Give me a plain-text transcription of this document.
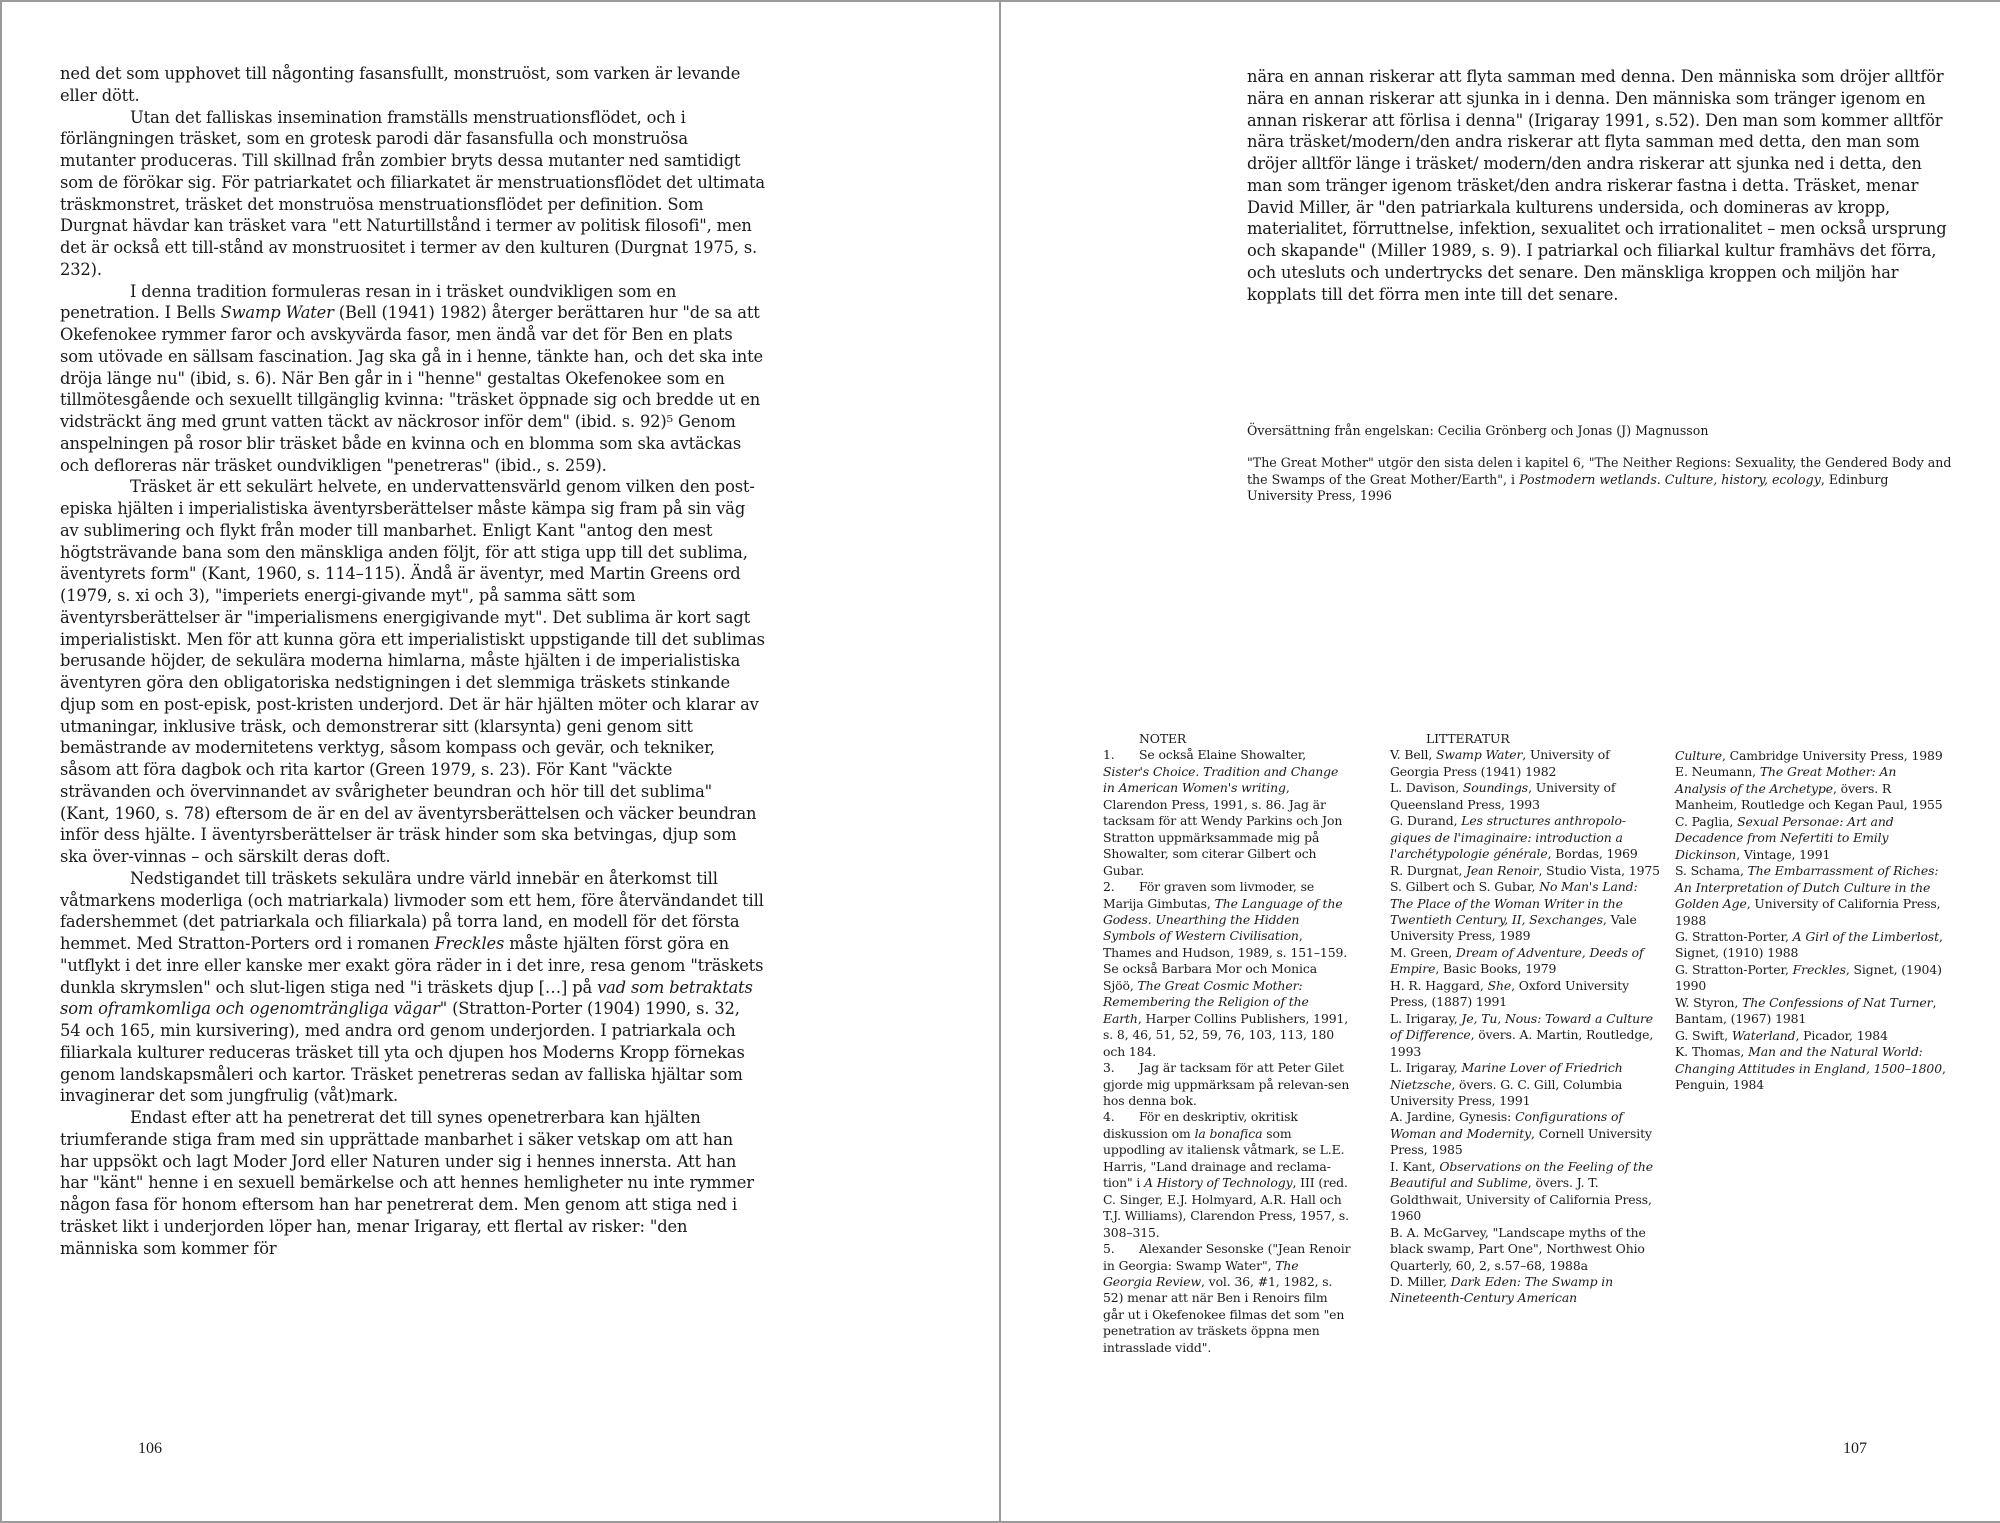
ned det som upphovet till någonting fasansfullt, monstruöst, som varken är levande eller dött.

Utan det falliskas insemination framställs menstruationsflödet, och i förlängningen träsket, som en grotesk parodi där fasansfulla och monstruösa mutanter produceras. Till skillnad från zombier bryts dessa mutanter ned samtidigt som de förökar sig. För patriarkatet och filiarkatet är menstruationsflödet det ultimata träskmonstret, träsket det monstruösa menstruationsflödet per definition. Som Durgnat hävdar kan träsket vara "ett Naturtillstånd i termer av politisk filosofi", men det är också ett till-stånd av monstruositet i termer av den kulturen (Durgnat 1975, s. 232).

I denna tradition formuleras resan in i träsket oundvikligen som en penetration. I Bells Swamp Water (Bell (1941) 1982) återger berättaren hur "de sa att Okefenokee rymmer faror och avskyvärda fasor, men ändå var det för Ben en plats som utövade en sällsam fascination. Jag ska gå in i henne, tänkte han, och det ska inte dröja länge nu" (ibid, s. 6). När Ben går in i "henne" gestaltas Okefenokee som en tillmötesgående och sexuellt tillgänglig kvinna: "träsket öppnade sig och bredde ut en vidsträckt äng med grunt vatten täckt av näckrosor inför dem" (ibid. s. 92)⁵ Genom anspelningen på rosor blir träsket både en kvinna och en blomma som ska avtäckas och defloreras när träsket oundvikligen "penetreras" (ibid., s. 259).

Träsket är ett sekulärt helvete, en undervattensvärld genom vilken den post-episka hjälten i imperialistiska äventyrsberättelser måste kämpa sig fram på sin väg av sublimering och flykt från moder till manbarhet. Enligt Kant "antog den mest högtsträvande bana som den mänskliga anden följt, för att stiga upp till det sublima, äventyrets form" (Kant, 1960, s. 114–115). Ändå är äventyr, med Martin Greens ord (1979, s. xi och 3), "imperiets energi-givande myt", på samma sätt som äventyrsberättelser är "imperialismens energigivande myt". Det sublima är kort sagt imperialistiskt. Men för att kunna göra ett imperialistiskt uppstigande till det sublimas berusande höjder, de sekulära moderna himlarna, måste hjälten i de imperialistiska äventyren göra den obligatoriska nedstigningen i det slemmiga träskets stinkande djup som en post-episk, post-kristen underjord. Det är här hjälten möter och klarar av utmaningar, inklusive träsk, och demonstrerar sitt (klarsynta) geni genom sitt bemästrande av modernitetens verktyg, såsom kompass och gevär, och tekniker, såsom att föra dagbok och rita kartor (Green 1979, s. 23). För Kant "väckte strävanden och övervinnandet av svårigheter beundran och hör till det sublima" (Kant, 1960, s. 78) eftersom de är en del av äventyrsberättelsen och väcker beundran inför dess hjälte. I äventyrsberättelser är träsk hinder som ska betvingas, djup som ska över-vinnas – och särskilt deras doft.

Nedstigandet till träskets sekulära undre värld innebär en återkomst till våtmarkens moderliga (och matriarkala) livmoder som ett hem, före återvändandet till fadershemmet (det patriarkala och filiarkala) på torra land, en modell för det första hemmet. Med Stratton-Porters ord i romanen Freckles måste hjälten först göra en "utflykt i det inre eller kanske mer exakt göra räder in i det inre, resa genom "träskets dunkla skrymslen" och slut-ligen stiga ned "i träskets djup […] på vad som betraktats som oframkomliga och ogenomträngliga vägar" (Stratton-Porter (1904) 1990, s. 32, 54 och 165, min kursivering), med andra ord genom underjorden. I patriarkala och filiarkala kulturer reduceras träsket till yta och djupen hos Moderns Kropp förnekas genom landskapsmåleri och kartor. Träsket penetreras sedan av falliska hjältar som invaginerar det som jungfrulig (våt)mark.

Endast efter att ha penetrerat det till synes openetrerbara kan hjälten triumferande stiga fram med sin upprättade manbarhet i säker vetskap om att han har uppsökt och lagt Moder Jord eller Naturen under sig i hennes innersta. Att han har "känt" henne i en sexuell bemärkelse och att hennes hemligheter nu inte rymmer någon fasa för honom eftersom han har penetrerat dem. Men genom att stiga ned i träsket likt i underjorden löper han, menar Irigaray, ett flertal av risker: "den människa som kommer för

106

nära en annan riskerar att flyta samman med denna. Den människa som dröjer alltför nära en annan riskerar att sjunka in i denna. Den människa som tränger igenom en annan riskerar att förlisa i denna" (Irigaray 1991, s.52). Den man som kommer alltför nära träsket/modern/den andra riskerar att flyta samman med detta, den man som dröjer alltför länge i träsket/ modern/den andra riskerar att sjunka ned i detta, den man som tränger igenom träsket/den andra riskerar fastna i detta. Träsket, menar David Miller, är "den patriarkala kulturens undersida, och domineras av kropp, materialitet, förruttnelse, infektion, sexualitet och irrationalitet – men också ursprung och skapande" (Miller 1989, s. 9). I patriarkal och filiarkal kultur framhävs det förra, och utesluts och undertrycks det senare. Den mänskliga kroppen och miljön har kopplats till det förra men inte till det senare.

Översättning från engelskan: Cecilia Grönberg och Jonas (J) Magnusson
"The Great Mother" utgör den sista delen i kapitel 6, "The Neither Regions: Sexuality, the Gendered Body and the Swamps of the Great Mother/Earth", i Postmodern wetlands. Culture, history, ecology, Edinburg University Press, 1996
NOTER

1. Se också Elaine Showalter, Sister's Choice. Tradition and Change in American Women's writing, Clarendon Press, 1991, s. 86. Jag är tacksam för att Wendy Parkins och Jon Stratton uppmärksammade mig på Showalter, som citerar Gilbert och Gubar.

2. För graven som livmoder, se Marija Gimbutas, The Language of the Godess. Unearthing the Hidden Symbols of Western Civilisation, Thames and Hudson, 1989, s. 151–159. Se också Barbara Mor och Monica Sjöö, The Great Cosmic Mother: Remembering the Religion of the Earth, Harper Collins Publishers, 1991, s. 8, 46, 51, 52, 59, 76, 103, 113, 180 och 184.

3. Jag är tacksam för att Peter Gilet gjorde mig uppmärksam på relevan-sen hos denna bok.

4. För en deskriptiv, okritisk diskussion om la bonafica som uppodling av italiensk våtmark, se L.E. Harris, "Land drainage and reclama-tion" i A History of Technology, III (red. C. Singer, E.J. Holmyard, A.R. Hall och T.J. Williams), Clarendon Press, 1957, s. 308–315.

5. Alexander Sesonske ("Jean Renoir in Georgia: Swamp Water", The Georgia Review, vol. 36, #1, 1982, s. 52) menar att när Ben i Renoirs film går ut i Okefenokee filmas det som "en penetration av träskets öppna men intrasslade vidd".

LITTERATUR

V. Bell, Swamp Water, University of Georgia Press (1941) 1982

L. Davison, Soundings, University of Queensland Press, 1993

G. Durand, Les structures anthropolo-giques de l'imaginaire: introduction a l'archétypologie générale, Bordas, 1969

R. Durgnat, Jean Renoir, Studio Vista, 1975

S. Gilbert och S. Gubar, No Man's Land: The Place of the Woman Writer in the Twentieth Century, II, Sexchanges, Vale University Press, 1989

M. Green, Dream of Adventure, Deeds of Empire, Basic Books, 1979

H. R. Haggard, She, Oxford University Press, (1887) 1991

L. Irigaray, Je, Tu, Nous: Toward a Culture of Difference, övers. A. Martin, Routledge, 1993

L. Irigaray, Marine Lover of Friedrich Nietzsche, övers. G. C. Gill, Columbia University Press, 1991

A. Jardine, Gynesis: Configurations of Woman and Modernity, Cornell University Press, 1985

I. Kant, Observations on the Feeling of the Beautiful and Sublime, övers. J. T. Goldthwait, University of California Press, 1960

B. A. McGarvey, "Landscape myths of the black swamp, Part One", Northwest Ohio Quarterly, 60, 2, s.57–68, 1988a

D. Miller, Dark Eden: The Swamp in Nineteenth-Century American

Culture, Cambridge University Press, 1989

E. Neumann, The Great Mother: An Analysis of the Archetype, övers. R Manheim, Routledge och Kegan Paul, 1955

C. Paglia, Sexual Personae: Art and Decadence from Nefertiti to Emily Dickinson, Vintage, 1991

S. Schama, The Embarrassment of Riches: An Interpretation of Dutch Culture in the Golden Age, University of California Press, 1988

G. Stratton-Porter, A Girl of the Limberlost, Signet, (1910) 1988

G. Stratton-Porter, Freckles, Signet, (1904) 1990

W. Styron, The Confessions of Nat Turner, Bantam, (1967) 1981

G. Swift, Waterland, Picador, 1984

K. Thomas, Man and the Natural World: Changing Attitudes in England, 1500–1800, Penguin, 1984

107
